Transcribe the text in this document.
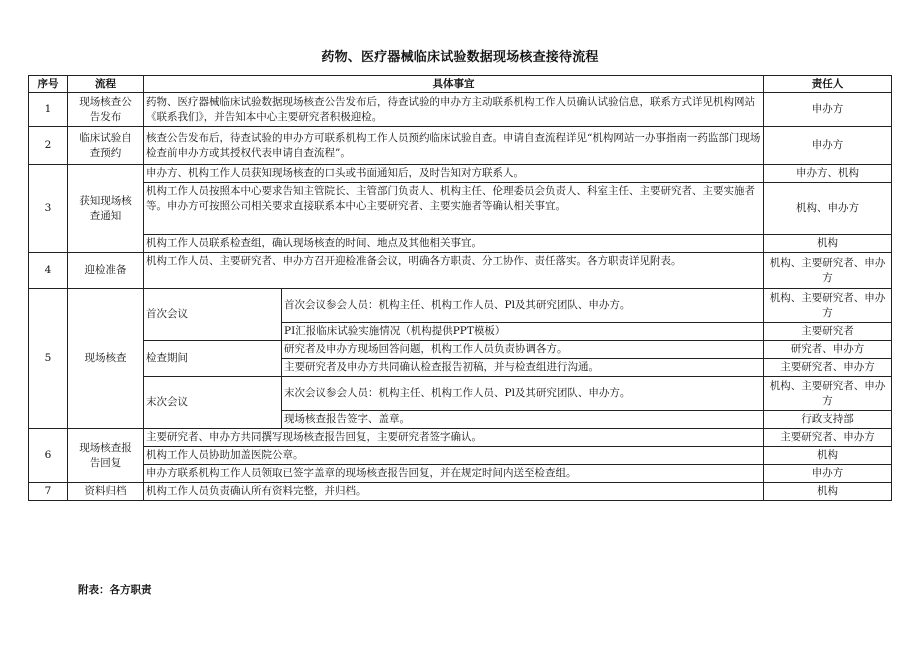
药物、医疗器械临床试验数据现场核查接待流程
序号	流程	具体事宜		责任人
1	现场核查公告发布	药物、医疗器械临床试验数据现场核查公告发布后，待查试验的申办方主动联系机构工作人员确认试验信息，联系方式详见机构网站《联系我们》，并告知本中心主要研究者积极迎检。		申办方
2	临床试验自查预约	核查公告发布后，待查试验的申办方可联系机构工作人员预约临床试验自查。申请自查流程详见“机构网站一办事指南一药监部门现场检查前申办方或其授权代表申请自查流程”。		申办方
3	获知现场核查通知	申办方、机构工作人员获知现场核查的口头或书面通知后，及时告知对方联系人。		申办方、机构
		机构工作人员按照本中心要求告知主管院长、主管部门负责人、机构主任、伦理委员会负责人、科室主任、主要研究者、主要实施者等。申办方可按照公司相关要求直接联系本中心主要研究者、主要实施者等确认相关事宜。		机构、申办方
		机构工作人员联系检查组，确认现场核查的时间、地点及其他相关事宜。		机构
4	迎检准备	机构工作人员、主要研究者、申办方召开迎检准备会议，明确各方职责、分工协作、责任落实。各方职责详见附表。		机构、主要研究者、申办方
5	现场核查	首次会议	首次会议参会人员：机构主任、机构工作人员、Pl及其研究团队、申办方。	机构、主要研究者、申办方
			PI汇报临床试验实施情况（机构提供PPT模板）	主要研究者
		检查期间	研究者及申办方现场回答问题，机构工作人员负责协调各方。	研究者、申办方
			主要研究者及申办方共同确认检查报告初稿，并与检查组进行沟通。	主要研究者、申办方
		末次会议	末次会议参会人员：机构主任、机构工作人员、Pl及其研究团队、申办方。	机构、主要研究者、申办方
			现场核查报告签字、盖章。	行政支持部
6	现场核查报告回复	主要研究者、申办方共同撰写现场核查报告回复，主要研究者签字确认。		主要研究者、申办方
		机构工作人员协助加盖医院公章。		机构
		申办方联系机构工作人员领取已签字盖章的现场核查报告回复，并在规定时间内送至检查组。		申办方
7	资料归档	机构工作人员负责确认所有资料完整，并归档。		机构
附表：各方职责
